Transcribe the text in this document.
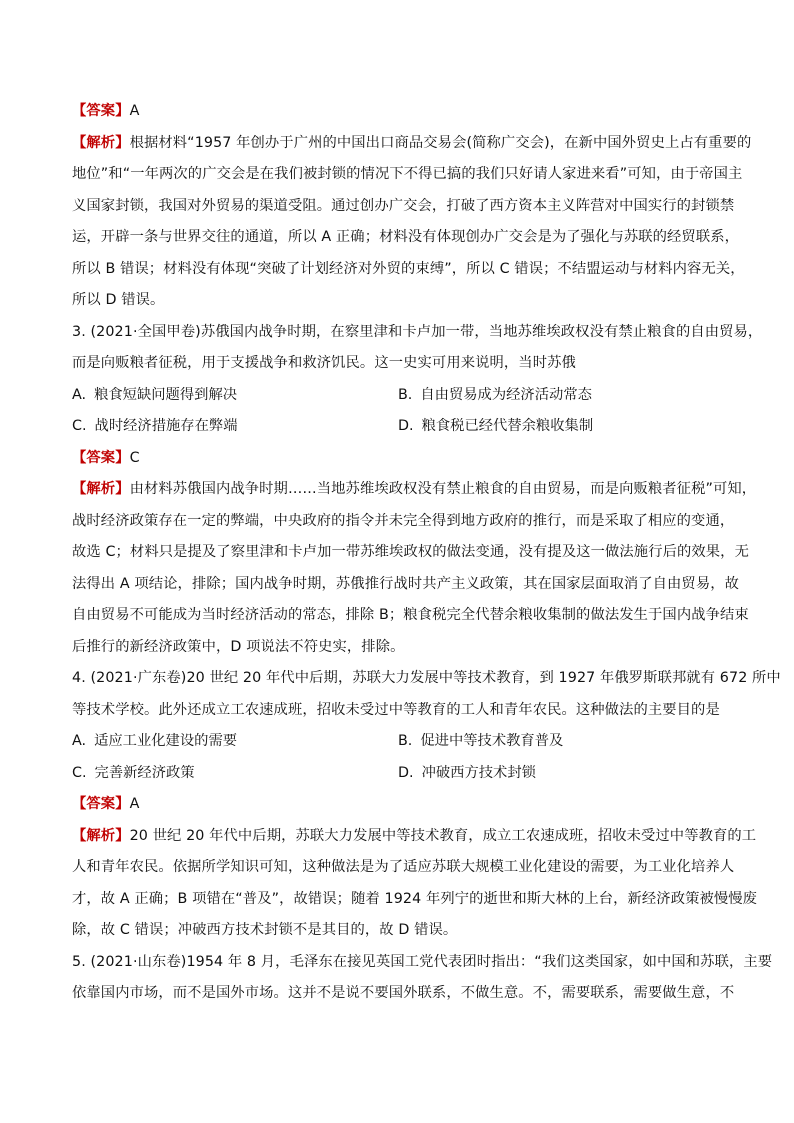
【答案】A

【解析】根据材料“1957 年创办于广州的中国出口商品交易会(简称广交会)，在新中国外贸史上占有重要的
地位”和“一年两次的广交会是在我们被封锁的情况下不得已搞的我们只好请人家进来看”可知，由于帝国主
义国家封锁，我国对外贸易的渠道受阻。通过创办广交会，打破了西方资本主义阵营对中国实行的封锁禁
运，开辟一条与世界交往的通道，所以 A 正确；材料没有体现创办广交会是为了强化与苏联的经贸联系，
所以 B 错误；材料没有体现“突破了计划经济对外贸的束缚”，所以 C 错误；不结盟运动与材料内容无关，
所以 D 错误。

3. (2021·全国甲卷)苏俄国内战争时期，在察里津和卡卢加一带，当地苏维埃政权没有禁止粮食的自由贸易，
而是向贩粮者征税，用于支援战争和救济饥民。这一史实可用来说明，当时苏俄

A. 粮食短缺问题得到解决	B. 自由贸易成为经济活动常态
C. 战时经济措施存在弊端	D. 粮食税已经代替余粮收集制

【答案】C

【解析】由材料苏俄国内战争时期……当地苏维埃政权没有禁止粮食的自由贸易，而是向贩粮者征税”可知，
战时经济政策存在一定的弊端，中央政府的指令并未完全得到地方政府的推行，而是采取了相应的变通，
故选 C；材料只是提及了察里津和卡卢加一带苏维埃政权的做法变通，没有提及这一做法施行后的效果，无
法得出 A 项结论，排除；国内战争时期，苏俄推行战时共产主义政策，其在国家层面取消了自由贸易，故
自由贸易不可能成为当时经济活动的常态，排除 B；粮食税完全代替余粮收集制的做法发生于国内战争结束
后推行的新经济政策中，D 项说法不符史实，排除。

4. (2021·广东卷)20 世纪 20 年代中后期，苏联大力发展中等技术教育，到 1927 年俄罗斯联邦就有 672 所中
等技术学校。此外还成立工农速成班，招收未受过中等教育的工人和青年农民。这种做法的主要目的是

A. 适应工业化建设的需要	B. 促进中等技术教育普及
C. 完善新经济政策	D. 冲破西方技术封锁

【答案】A

【解析】20 世纪 20 年代中后期，苏联大力发展中等技术教育，成立工农速成班，招收未受过中等教育的工
人和青年农民。依据所学知识可知，这种做法是为了适应苏联大规模工业化建设的需要，为工业化培养人
才，故 A 正确；B 项错在“普及”，故错误；随着 1924 年列宁的逝世和斯大林的上台，新经济政策被慢慢废
除，故 C 错误；冲破西方技术封锁不是其目的，故 D 错误。

5. (2021·山东卷)1954 年 8 月，毛泽东在接见英国工党代表团时指出：“我们这类国家，如中国和苏联，主要
依靠国内市场，而不是国外市场。这并不是说不要国外联系，不做生意。不，需要联系，需要做生意，不
